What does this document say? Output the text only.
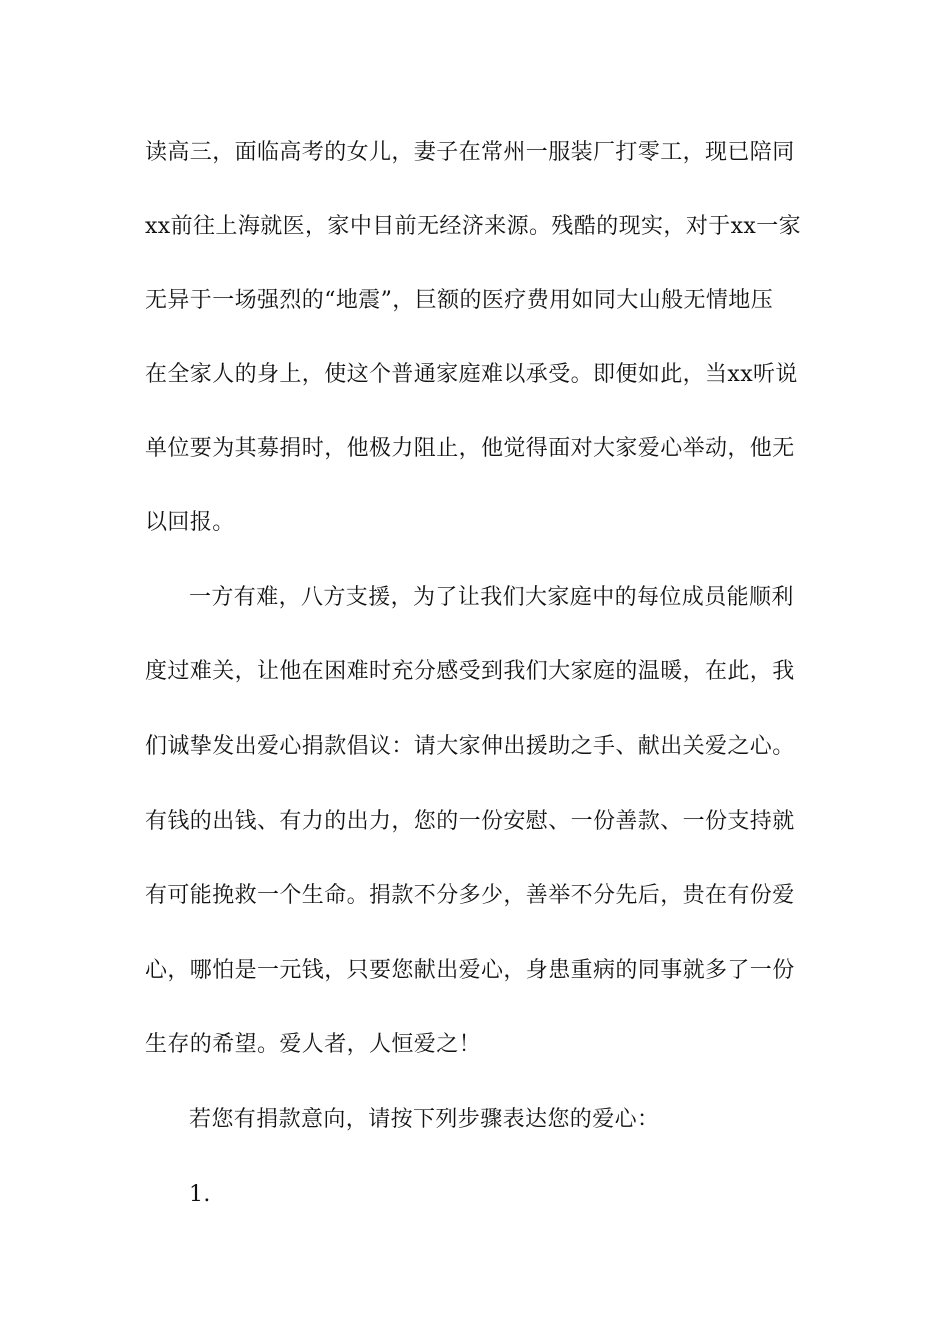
读高三，面临高考的女儿，妻子在常州一服装厂打零工，现已陪同
xx前往上海就医，家中目前无经济来源。残酷的现实，对于xx一家
无异于一场强烈的“地震”，巨额的医疗费用如同大山般无情地压
在全家人的身上，使这个普通家庭难以承受。即便如此，当xx听说
单位要为其募捐时，他极力阻止，他觉得面对大家爱心举动，他无
以回报。
一方有难，八方支援，为了让我们大家庭中的每位成员能顺利
度过难关，让他在困难时充分感受到我们大家庭的温暖，在此，我
们诚挚发出爱心捐款倡议：请大家伸出援助之手、献出关爱之心。
有钱的出钱、有力的出力，您的一份安慰、一份善款、一份支持就
有可能挽救一个生命。捐款不分多少，善举不分先后，贵在有份爱
心，哪怕是一元钱，只要您献出爱心，身患重病的同事就多了一份
生存的希望。爱人者，人恒爱之！
若您有捐款意向，请按下列步骤表达您的爱心：
1.
